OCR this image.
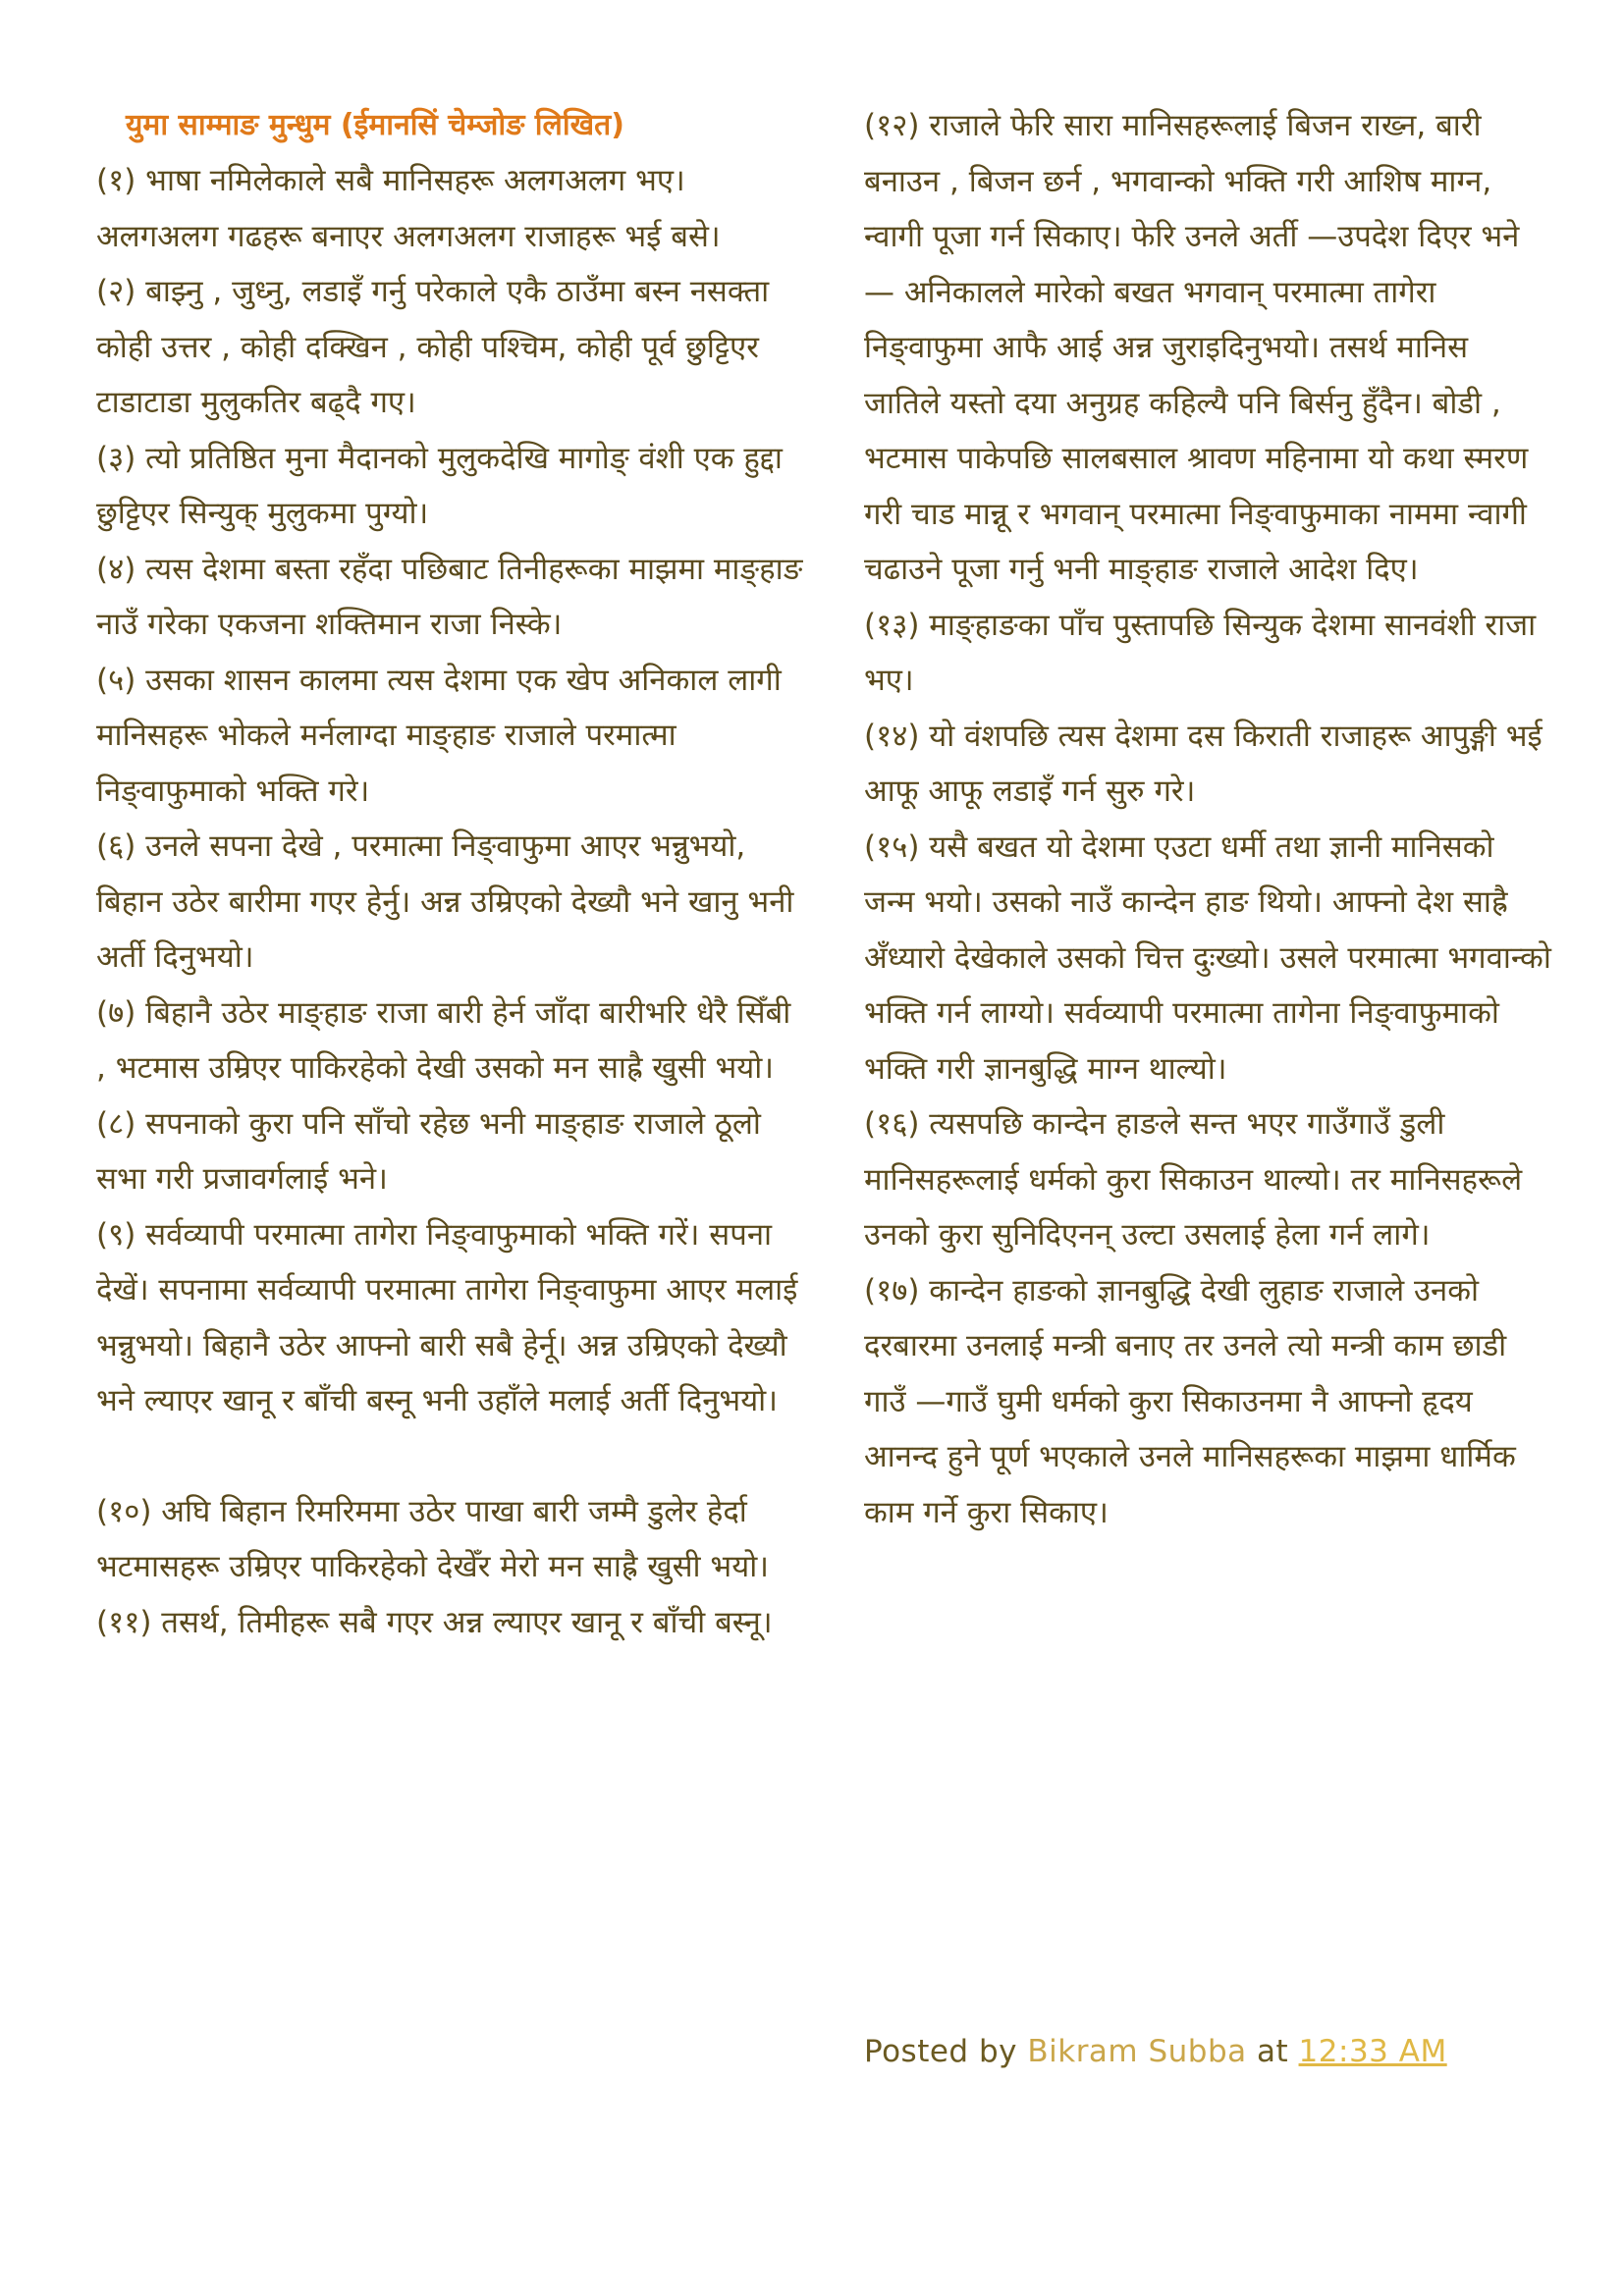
युमा साम्माङ मुन्धुम (ईमानसिं चेम्जोङ लिखित)

(१) भाषा नमिलेकाले सबै मानिसहरू अलगअलग भए। अलगअलग गढहरू बनाएर अलगअलग राजाहरू भई बसे।

(२) बाझ्नु , जुध्नु, लडाइँ गर्नु परेकाले एकै ठाउँमा बस्न नसक्ता कोही उत्तर , कोही दक्खिन , कोही पश्चिम, कोही पूर्व छुट्टिएर टाडाटाडा मुलुकतिर बढ्दै गए।

(३) त्यो प्रतिष्ठित मुना मैदानको मुलुकदेखि मागोङ् वंशी एक हुद्दा छुट्टिएर सिन्युक् मुलुकमा पुग्यो।

(४) त्यस देशमा बस्ता रहँदा पछिबाट तिनीहरूका माझमा माङ्हाङ नाउँ गरेका एकजना शक्तिमान राजा निस्के।

(५) उसका शासन कालमा त्यस देशमा एक खेप अनिकाल लागी मानिसहरू भोकले मर्नलाग्दा माङ्हाङ राजाले परमात्मा निङ्वाफुमाको भक्ति गरे।

(६) उनले सपना देखे , परमात्मा निङ्वाफुमा आएर भन्नुभयो, बिहान उठेर बारीमा गएर हेर्नु। अन्न उम्रिएको देख्यौ भने खानु भनी अर्ती दिनुभयो।

(७) बिहानै उठेर माङ्हाङ राजा बारी हेर्न जाँदा बारीभरि धेरै सिँबी , भटमास उम्रिएर पाकिरहेको देखी उसको मन साह्रै खुसी भयो।

(८) सपनाको कुरा पनि साँचो रहेछ भनी माङ्हाङ राजाले ठूलो सभा गरी प्रजावर्गलाई भने।

(९) सर्वव्यापी परमात्मा तागेरा निङ्वाफुमाको भक्ति गरें। सपना देखें। सपनामा सर्वव्यापी परमात्मा तागेरा निङ्वाफुमा आएर मलाई भन्नुभयो। बिहानै उठेर आफ्नो बारी सबै हेर्नू। अन्न उम्रिएको देख्यौ भने ल्याएर खानू र बाँची बस्नू भनी उहाँले मलाई अर्ती दिनुभयो।

(१०) अघि बिहान रिमरिममा उठेर पाखा बारी जम्मै डुलेर हेर्दा भटमासहरू उम्रिएर पाकिरहेको देखेँर मेरो मन साह्रै खुसी भयो।

(११) तसर्थ, तिमीहरू सबै गएर अन्न ल्याएर खानू र बाँची बस्नू।

(१२) राजाले फेरि सारा मानिसहरूलाई बिजन राख्न, बारी बनाउन , बिजन छर्न , भगवान्को भक्ति गरी आशिष माग्न, न्वागी पूजा गर्न सिकाए। फेरि उनले अर्ती —उपदेश दिएर भने — अनिकालले मारेको बखत भगवान् परमात्मा तागेरा निङ्वाफुमा आफै आई अन्न जुराइदिनुभयो। तसर्थ मानिस जातिले यस्तो दया अनुग्रह कहिल्यै पनि बिर्सनु हुँदैन। बोडी , भटमास पाकेपछि सालबसाल श्रावण महिनामा यो कथा स्मरण गरी चाड मान्नू र भगवान् परमात्मा निङ्वाफुमाका नाममा न्वागी चढाउने पूजा गर्नु भनी माङ्हाङ राजाले आदेश दिए।

(१३) माङ्हाङका पाँच पुस्तापछि सिन्युक देशमा सानवंशी राजा भए।

(१४) यो वंशपछि त्यस देशमा दस किराती राजाहरू आपुङ्गी भई आफू आफू लडाइँ गर्न सुरु गरे।

(१५) यसै बखत यो देशमा एउटा धर्मी तथा ज्ञानी मानिसको जन्म भयो। उसको नाउँ कान्देन हाङ थियो। आफ्नो देश साह्रै अँध्यारो देखेकाले उसको चित्त दुःख्यो। उसले परमात्मा भगवान्को भक्ति गर्न लाग्यो। सर्वव्यापी परमात्मा तागेना निङ्वाफुमाको भक्ति गरी ज्ञानबुद्धि माग्न थाल्यो।

(१६) त्यसपछि कान्देन हाङले सन्त भएर गाउँगाउँ डुली मानिसहरूलाई धर्मको कुरा सिकाउन थाल्यो। तर मानिसहरूले उनको कुरा सुनिदिएनन् उल्टा उसलाई हेला गर्न लागे।

(१७) कान्देन हाङको ज्ञानबुद्धि देखी लुहाङ राजाले उनको दरबारमा उनलाई मन्त्री बनाए तर उनले त्यो मन्त्री काम छाडी गाउँ —गाउँ घुमी धर्मको कुरा सिकाउनमा नै आफ्नोे हृदय आनन्द हुने पूर्ण भएकाले उनले मानिसहरूका माझमा धार्मिक काम गर्ने कुरा सिकाए।

Posted by Bikram Subba at 12:33 AM
